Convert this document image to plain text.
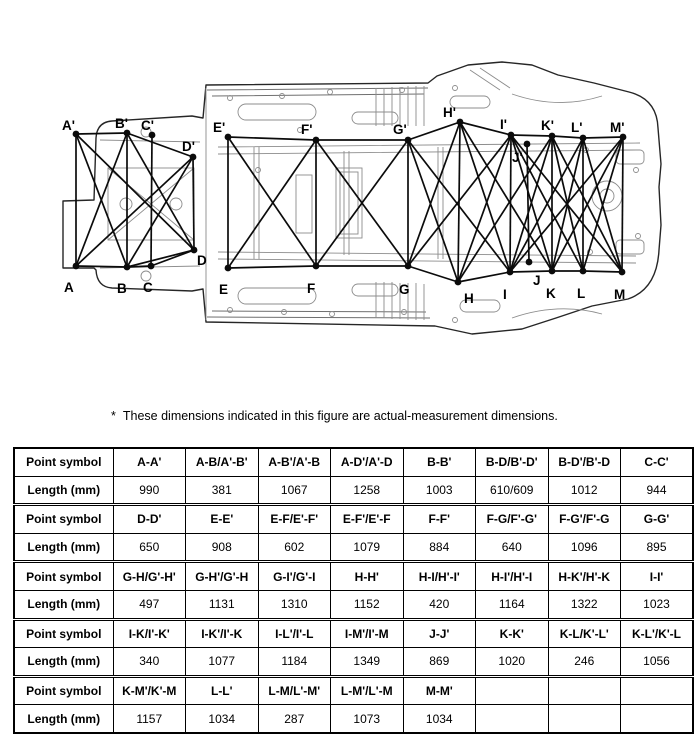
A
A'
B
B'
C
C'
D
D'
E
E'
F
F'
G
G'
H
H'
I
I'
J
J'
K
K'
L
L'
M
M'

* These dimensions indicated in this figure are actual-measurement dimensions.

Point symbol	A-A'	A-B/A'-B'	A-B'/A'-B	A-D'/A'-D	B-B'	B-D/B'-D'	B-D'/B'-D	C-C'
Length (mm)	990	381	1067	1258	1003	610/609	1012	944
Point symbol	D-D'	E-E'	E-F/E'-F'	E-F'/E'-F	F-F'	F-G/F'-G'	F-G'/F'-G	G-G'
Length (mm)	650	908	602	1079	884	640	1096	895
Point symbol	G-H/G'-H'	G-H'/G'-H	G-I'/G'-I	H-H'	H-I/H'-I'	H-I'/H'-I	H-K'/H'-K	I-I'
Length (mm)	497	1131	1310	1152	420	1164	1322	1023
Point symbol	I-K/I'-K'	I-K'/I'-K	I-L'/I'-L	I-M'/I'-M	J-J'	K-K'	K-L/K'-L'	K-L'/K'-L
Length (mm)	340	1077	1184	1349	869	1020	246	1056
Point symbol	K-M'/K'-M	L-L'	L-M/L'-M'	L-M'/L'-M	M-M'			
Length (mm)	1157	1034	287	1073	1034			
